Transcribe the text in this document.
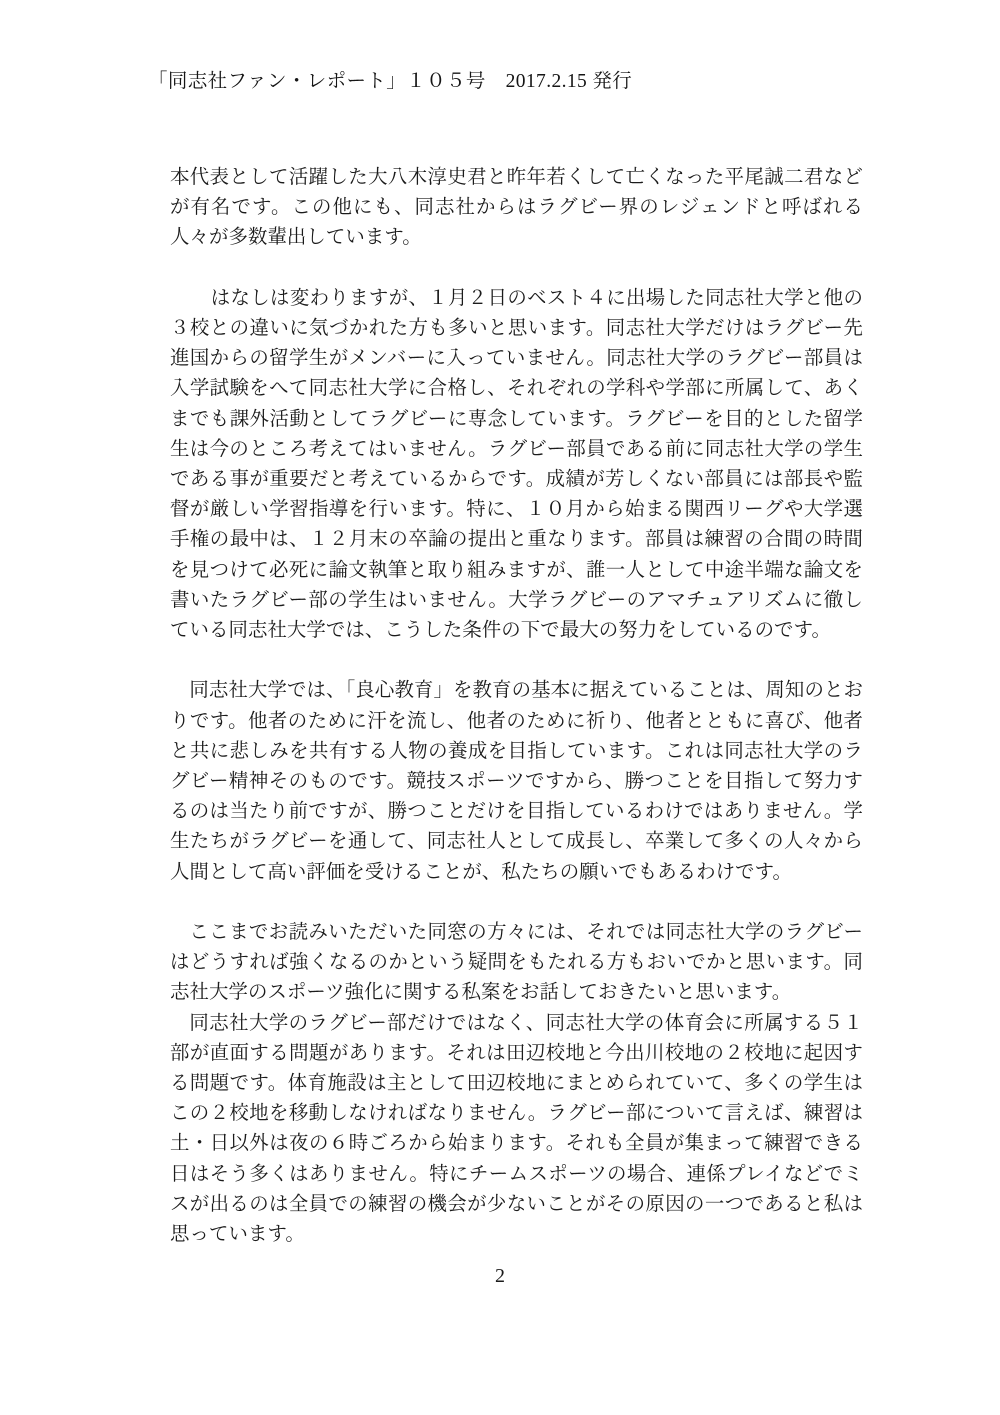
「同志社ファン・レポート」１０５号　2017.2.15 発行

本代表として活躍した大八木淳史君と昨年若くして亡くなった平尾誠二君などが有名です。この他にも、同志社からはラグビー界のレジェンドと呼ばれる人々が多数輩出しています。

はなしは変わりますが、１月２日のベスト４に出場した同志社大学と他の３校との違いに気づかれた方も多いと思います。同志社大学だけはラグビー先進国からの留学生がメンバーに入っていません。同志社大学のラグビー部員は入学試験をへて同志社大学に合格し、それぞれの学科や学部に所属して、あくまでも課外活動としてラグビーに専念しています。ラグビーを目的とした留学生は今のところ考えてはいません。ラグビー部員である前に同志社大学の学生である事が重要だと考えているからです。成績が芳しくない部員には部長や監督が厳しい学習指導を行います。特に、１０月から始まる関西リーグや大学選手権の最中は、１２月末の卒論の提出と重なります。部員は練習の合間の時間を見つけて必死に論文執筆と取り組みますが、誰一人として中途半端な論文を書いたラグビー部の学生はいません。大学ラグビーのアマチュアリズムに徹している同志社大学では、こうした条件の下で最大の努力をしているのです。

同志社大学では、「良心教育」を教育の基本に据えていることは、周知のとおりです。他者のために汗を流し、他者のために祈り、他者とともに喜び、他者と共に悲しみを共有する人物の養成を目指しています。これは同志社大学のラグビー精神そのものです。競技スポーツですから、勝つことを目指して努力するのは当たり前ですが、勝つことだけを目指しているわけではありません。学生たちがラグビーを通して、同志社人として成長し、卒業して多くの人々から人間として高い評価を受けることが、私たちの願いでもあるわけです。

ここまでお読みいただいた同窓の方々には、それでは同志社大学のラグビーはどうすれば強くなるのかという疑問をもたれる方もおいでかと思います。同志社大学のスポーツ強化に関する私案をお話しておきたいと思います。

同志社大学のラグビー部だけではなく、同志社大学の体育会に所属する５１部が直面する問題があります。それは田辺校地と今出川校地の２校地に起因する問題です。体育施設は主として田辺校地にまとめられていて、多くの学生はこの２校地を移動しなければなりません。ラグビー部について言えば、練習は土・日以外は夜の６時ごろから始まります。それも全員が集まって練習できる日はそう多くはありません。特にチームスポーツの場合、連係プレイなどでミスが出るのは全員での練習の機会が少ないことがその原因の一つであると私は思っています。

2
